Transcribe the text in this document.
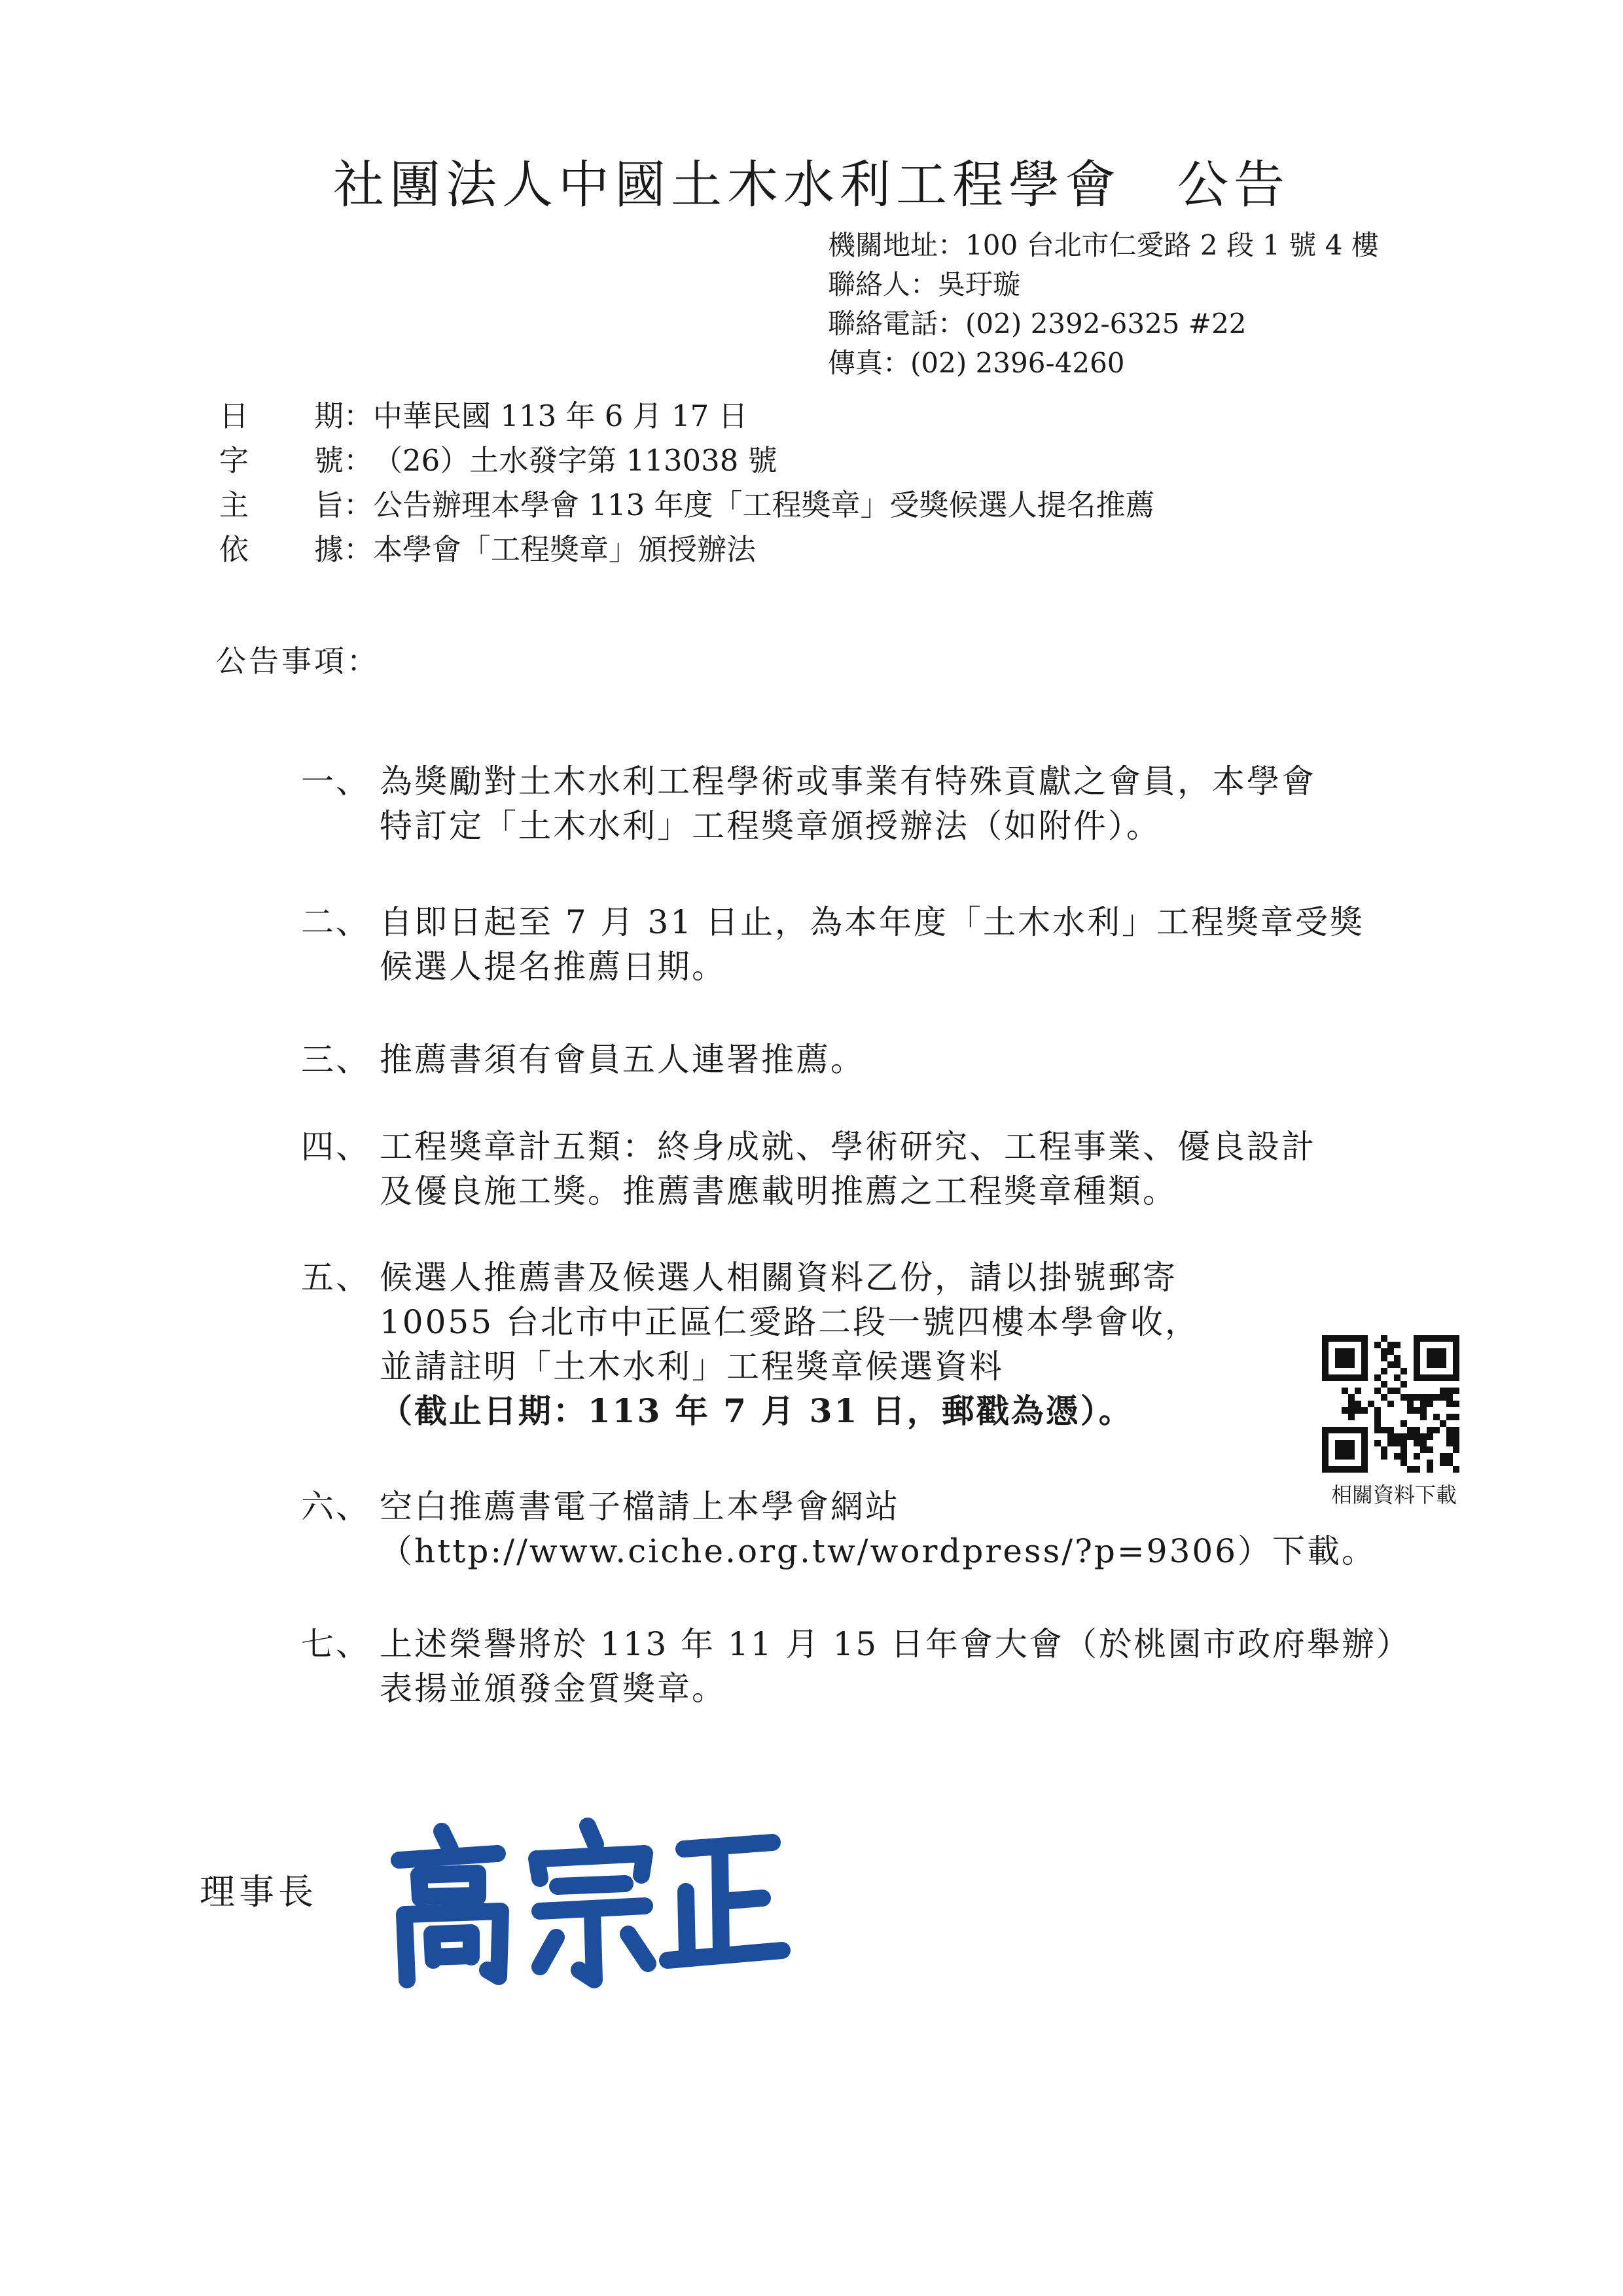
社團法人中國土木水利工程學會　公告
機關地址：100 台北市仁愛路 2 段 1 號 4 樓
聯絡人：吳玗璇
聯絡電話：(02) 2392-6325 #22
傳真：(02) 2396-4260
日 期 ： 中華民國 113 年 6 月 17 日
字 號 ： （26）土水發字第 113038 號
主 旨 ： 公告辦理本學會 113 年度「工程獎章」受獎候選人提名推薦
依 據 ： 本學會「工程獎章」頒授辦法
公告事項：
一、 為獎勵對土木水利工程學術或事業有特殊貢獻之會員，本學會
特訂定「土木水利」工程獎章頒授辦法（如附件）。
二、 自即日起至 7 月 31 日止，為本年度「土木水利」工程獎章受獎
候選人提名推薦日期。
三、 推薦書須有會員五人連署推薦。
四、 工程獎章計五類：終身成就、學術研究、工程事業、優良設計
及優良施工獎。推薦書應載明推薦之工程獎章種類。
五、 候選人推薦書及候選人相關資料乙份，請以掛號郵寄
10055 台北市中正區仁愛路二段一號四樓本學會收，
並請註明「土木水利」工程獎章候選資料
（截止日期：113 年 7 月 31 日，郵戳為憑）。
六、 空白推薦書電子檔請上本學會網站
（http://www.ciche.org.tw/wordpress/?p=9306）下載。
七、 上述榮譽將於 113 年 11 月 15 日年會大會（於桃園市政府舉辦）
表揚並頒發金質獎章。
相關資料下載
理事長
